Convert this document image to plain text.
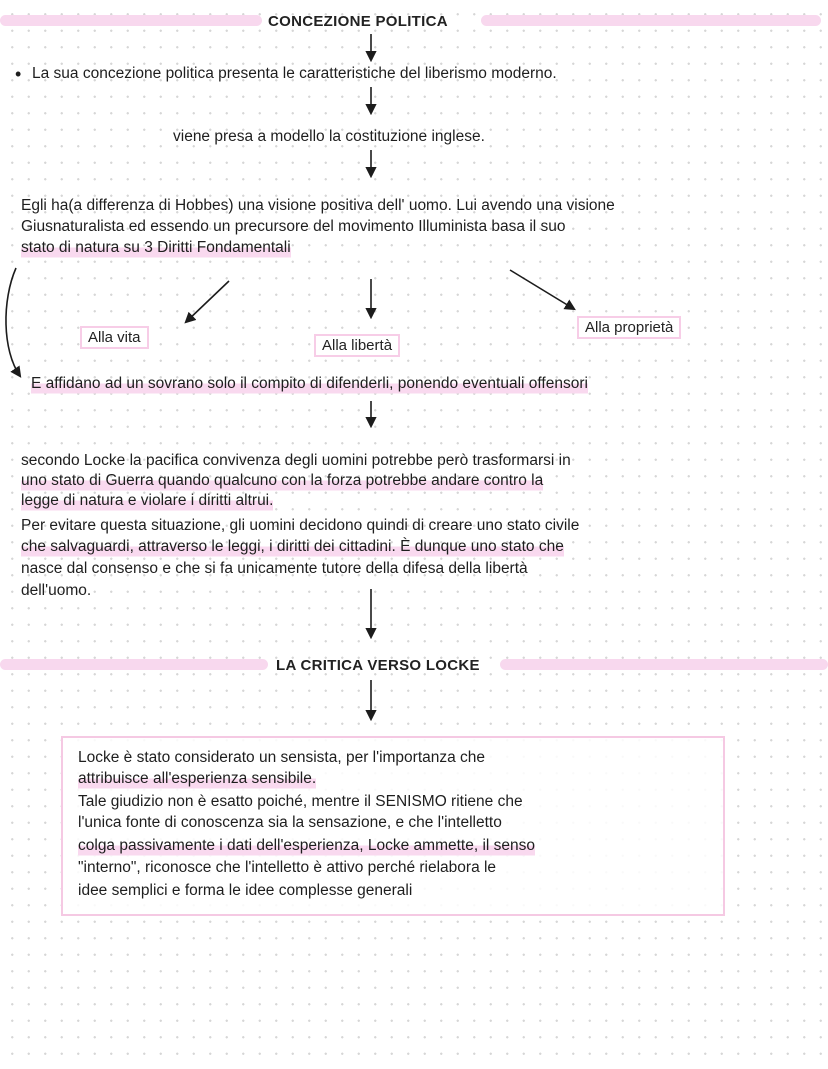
CONCEZIONE POLITICA
• La sua concezione politica presenta le caratteristiche del liberismo moderno.
viene presa a modello la costituzione inglese.
Egli ha(a differenza di Hobbes) una visione positiva dell' uomo. Lui avendo una visione
Giusnaturalista ed essendo un precursore del movimento Illuminista basa il suo
stato di natura su 3 Diritti Fondamentali
Alla vita	Alla libertà
Alla proprietà
E affidano ad un sovrano solo il compito di difenderli, ponendo eventuali offensori
secondo Locke la pacifica convivenza degli uomini potrebbe però trasformarsi in
uno stato di Guerra quando qualcuno con la forza potrebbe andare contro la
legge di natura e violare i diritti altrui.
Per evitare questa situazione, gli uomini decidono quindi di creare uno stato civile
che salvaguardi, attraverso le leggi, i diritti dei cittadini. È dunque uno stato che
nasce dal consenso e che si fa unicamente tutore della difesa della libertà
dell'uomo.
LA CRITICA VERSO LOCKE
Locke è stato considerato un sensista, per l'importanza che
attribuisce all'esperienza sensibile.
Tale giudizio non è esatto poiché, mentre il SENISMO ritiene che
l'unica fonte di conoscenza sia la sensazione, e che l'intelletto
colga passivamente i dati dell'esperienza, Locke ammette, il senso
"interno", riconosce che l'intelletto è attivo perché rielabora le
idee semplici e forma le idee complesse generali
